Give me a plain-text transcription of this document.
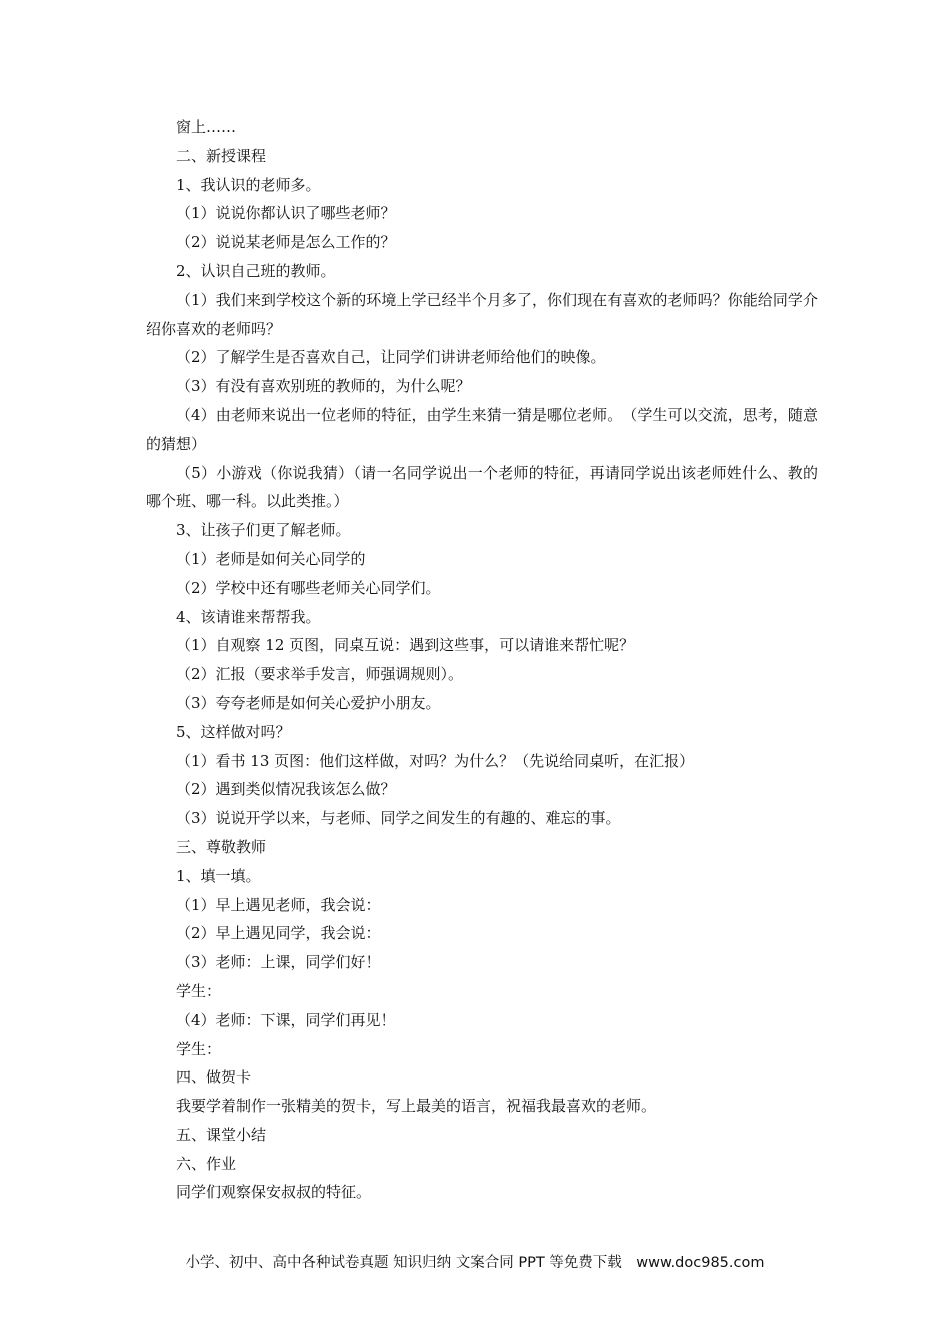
窗上……
二、新授课程
1、我认识的老师多。
（1）说说你都认识了哪些老师？
（2）说说某老师是怎么工作的？
2、认识自己班的教师。
（1）我们来到学校这个新的环境上学已经半个月多了，你们现在有喜欢的老师吗？你能给同学介绍你喜欢的老师吗？
（2）了解学生是否喜欢自己，让同学们讲讲老师给他们的映像。
（3）有没有喜欢别班的教师的，为什么呢？
（4）由老师来说出一位老师的特征，由学生来猜一猜是哪位老师。　（学生可以交流，思考，随意的猜想）
（5）小游戏（你说我猜）（请一名同学说出一个老师的特征，再请同学说出该老师姓什么、教的哪个班、哪一科。以此类推。）
3、让孩子们更了解老师。
（1）老师是如何关心同学的
（2）学校中还有哪些老师关心同学们。
4、该请谁来帮帮我。
（1）自观察 12 页图，同桌互说：遇到这些事，可以请谁来帮忙呢？
（2）汇报（要求举手发言，师强调规则）。
（3）夸夸老师是如何关心爱护小朋友。
5、这样做对吗？
（1）看书 13 页图：他们这样做，对吗？为什么？（先说给同桌听，在汇报）
（2）遇到类似情况我该怎么做？
（3）说说开学以来，与老师、同学之间发生的有趣的、难忘的事。
三、尊敬教师
1、填一填。
（1）早上遇见老师，我会说：
（2）早上遇见同学，我会说：
（3）老师：上课，同学们好！
学生：
（4）老师：下课，同学们再见！
学生：
四、做贺卡
我要学着制作一张精美的贺卡，写上最美的语言，祝福我最喜欢的老师。
五、课堂小结
六、作业
同学们观察保安叔叔的特征。
小学、初中、高中各种试卷真题 知识归纳 文案合同 PPT 等免费下载　www.doc985.com
